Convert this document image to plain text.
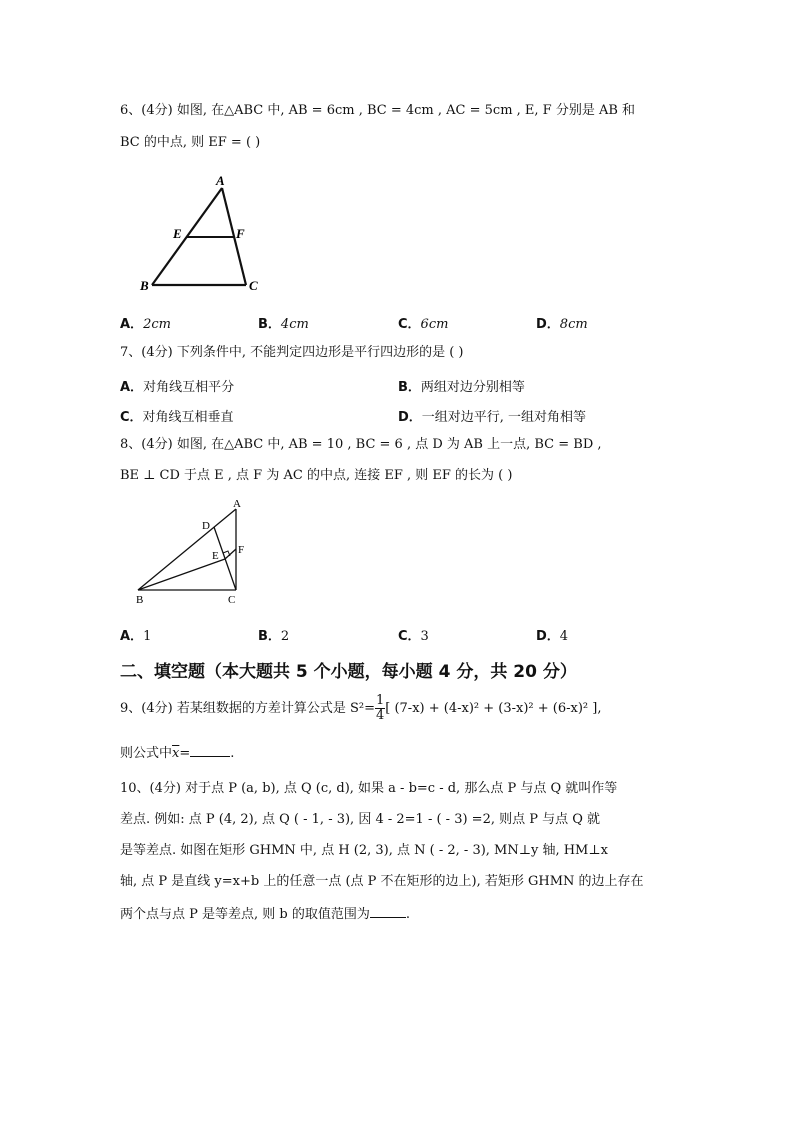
6、(4分) 如图, 在△ABC 中, AB = 6cm , BC = 4cm , AC = 5cm , E, F 分别是 AB 和
BC 的中点, 则 EF = ( )
A
E	F
B	C
A．2cm	B．4cm	C．6cm	D．8cm
7、(4分) 下列条件中, 不能判定四边形是平行四边形的是 ( )
A．对角线互相平分	B．两组对边分别相等
C．对角线互相垂直	D．一组对边平行, 一组对角相等
8、(4分) 如图, 在△ABC 中, AB = 10 , BC = 6 , 点 D 为 AB 上一点, BC = BD ,
BE ⊥ CD 于点 E , 点 F 为 AC 的中点, 连接 EF , 则 EF 的长为 ( )
A
D
E F
B	C
A．1	B．2	C．3	D．4
二、填空题（本大题共 5 个小题，每小题 4 分，共 20 分）
9、(4分) 若某组数据的方差计算公式是 $S^2= \frac{1}{4}$ [ (7-x) + (4-x)² + (3-x)² + (6-x)² ],
则公式中$\overline{x}=$	.
10、(4分) 对于点 P (a, b), 点 Q (c, d), 如果 a - b=c - d, 那么点 P 与点 Q 就叫作等
差点. 例如: 点 P (4, 2), 点 Q ( - 1, - 3), 因 4 - 2=1 - ( - 3) =2, 则点 P 与点 Q 就
是等差点. 如图在矩形 GHMN 中, 点 H (2, 3), 点 N ( - 2, - 3), MN⊥y 轴, HM⊥x
轴, 点 P 是直线 y=x+b 上的任意一点 (点 P 不在矩形的边上), 若矩形 GHMN 的边上存在
两个点与点 P 是等差点, 则 b 的取值范围为	.
